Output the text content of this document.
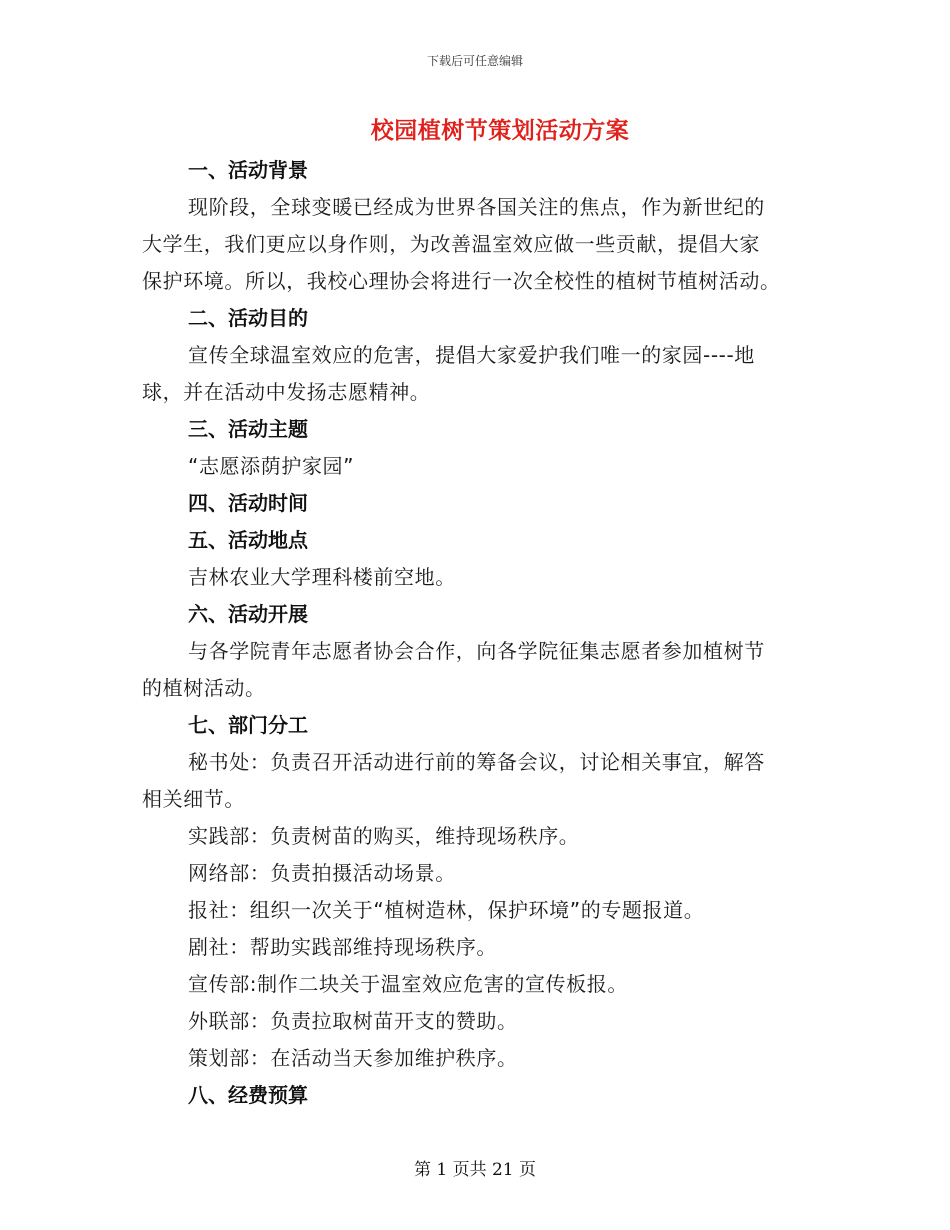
下载后可任意编辑
校园植树节策划活动方案
一、活动背景
现阶段，全球变暖已经成为世界各国关注的焦点，作为新世纪的
大学生，我们更应以身作则，为改善温室效应做一些贡献，提倡大家
保护环境。所以，我校心理协会将进行一次全校性的植树节植树活动。
二、活动目的
宣传全球温室效应的危害，提倡大家爱护我们唯一的家园----地
球，并在活动中发扬志愿精神。
三、活动主题
“志愿添荫护家园”
四、活动时间
五、活动地点
吉林农业大学理科楼前空地。
六、活动开展
与各学院青年志愿者协会合作，向各学院征集志愿者参加植树节
的植树活动。
七、部门分工
秘书处：负责召开活动进行前的筹备会议，讨论相关事宜，解答
相关细节。
实践部：负责树苗的购买，维持现场秩序。
网络部：负责拍摄活动场景。
报社：组织一次关于“植树造林，保护环境”的专题报道。
剧社：帮助实践部维持现场秩序。
宣传部:制作二块关于温室效应危害的宣传板报。
外联部：负责拉取树苗开支的赞助。
策划部：在活动当天参加维护秩序。
八、经费预算
第 1 页共 21 页
